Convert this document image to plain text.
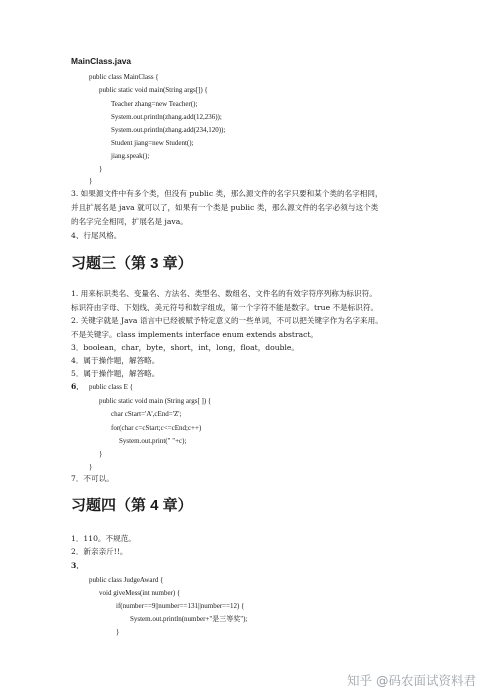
MainClass.java
public class MainClass {
public static void main(String args[]) {
Teacher zhang=new Teacher();
System.out.println(zhang.add(12,236));
System.out.println(zhang.add(234,120));
Student jiang=new Student();
jiang.speak();
}
}
3. 如果源文件中有多个类，但没有 public 类，那么源文件的名字只要和某个类的名字相同，
并且扩展名是 java 就可以了，如果有一个类是 public 类，那么源文件的名字必须与这个类
的名字完全相同，扩展名是 java。
4、行尾风格。
习题三（第 3 章）
1. 用来标识类名、变量名、方法名、类型名、数组名、文件名的有效字符序列称为标识符。
标识符由字母、下划线、美元符号和数字组成，第一个字符不能是数字。true 不是标识符。
2. 关键字就是 Java 语言中已经被赋予特定意义的一些单词，不可以把关键字作为名字来用。
不是关键字。class implements interface enum extends abstract。
3．boolean，char，byte，short，int，long，float，double。
4．属于操作题，解答略。
5．属于操作题，解答略。
6． public class E {
public static void main (String args[ ]) {
char cStart='A',cEnd='Z';
for(char c=cStart;c<=cEnd;c++)
System.out.print(" "+c);
}
}
7．不可以。
习题四（第 4 章）
1．110。不规范。
2．新亲亲斤!!。
3．
public class JudgeAward {
void giveMess(int number) {
if(number==9||number==131||number==12) {
System.out.println(number+"是三等奖");
}
知乎 @码农面试资料君
